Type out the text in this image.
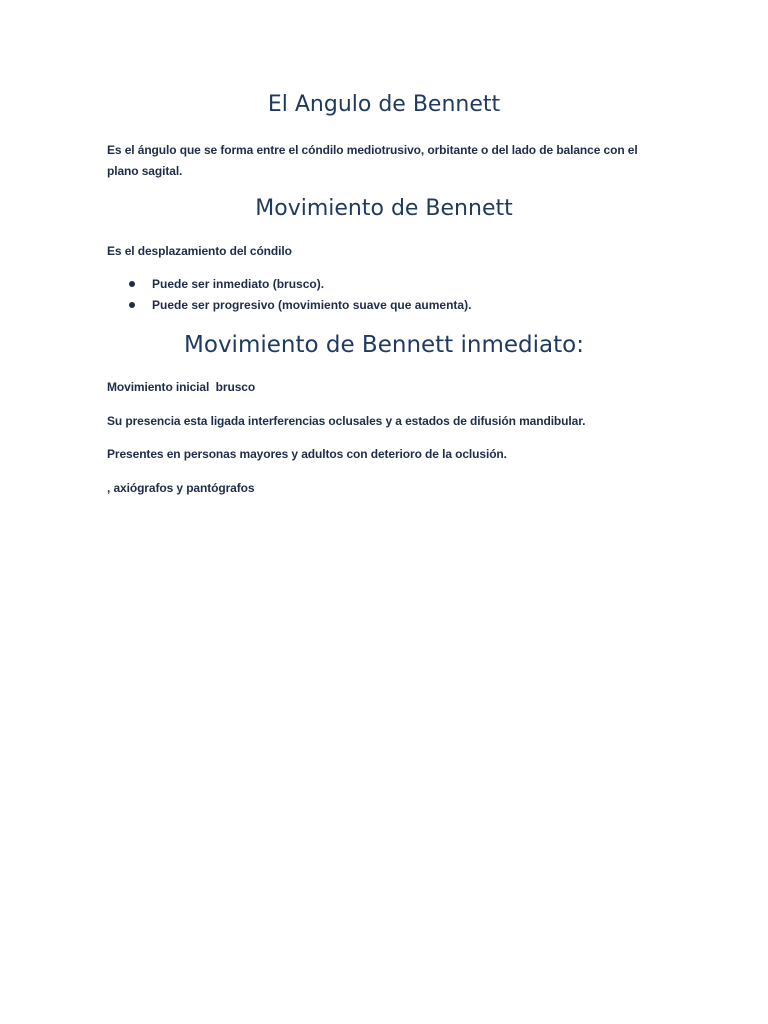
El Angulo de Bennett

Es el ángulo que se forma entre el cóndilo mediotrusivo, orbitante o del lado de balance con el plano sagital.

Movimiento de Bennett

Es el desplazamiento del cóndilo

Puede ser inmediato (brusco).
Puede ser progresivo (movimiento suave que aumenta).
Movimiento de Bennett inmediato:

Movimiento inicial  brusco

Su presencia esta ligada interferencias oclusales y a estados de difusión mandibular.

Presentes en personas mayores y adultos con deterioro de la oclusión.

, axiógrafos y pantógrafos
